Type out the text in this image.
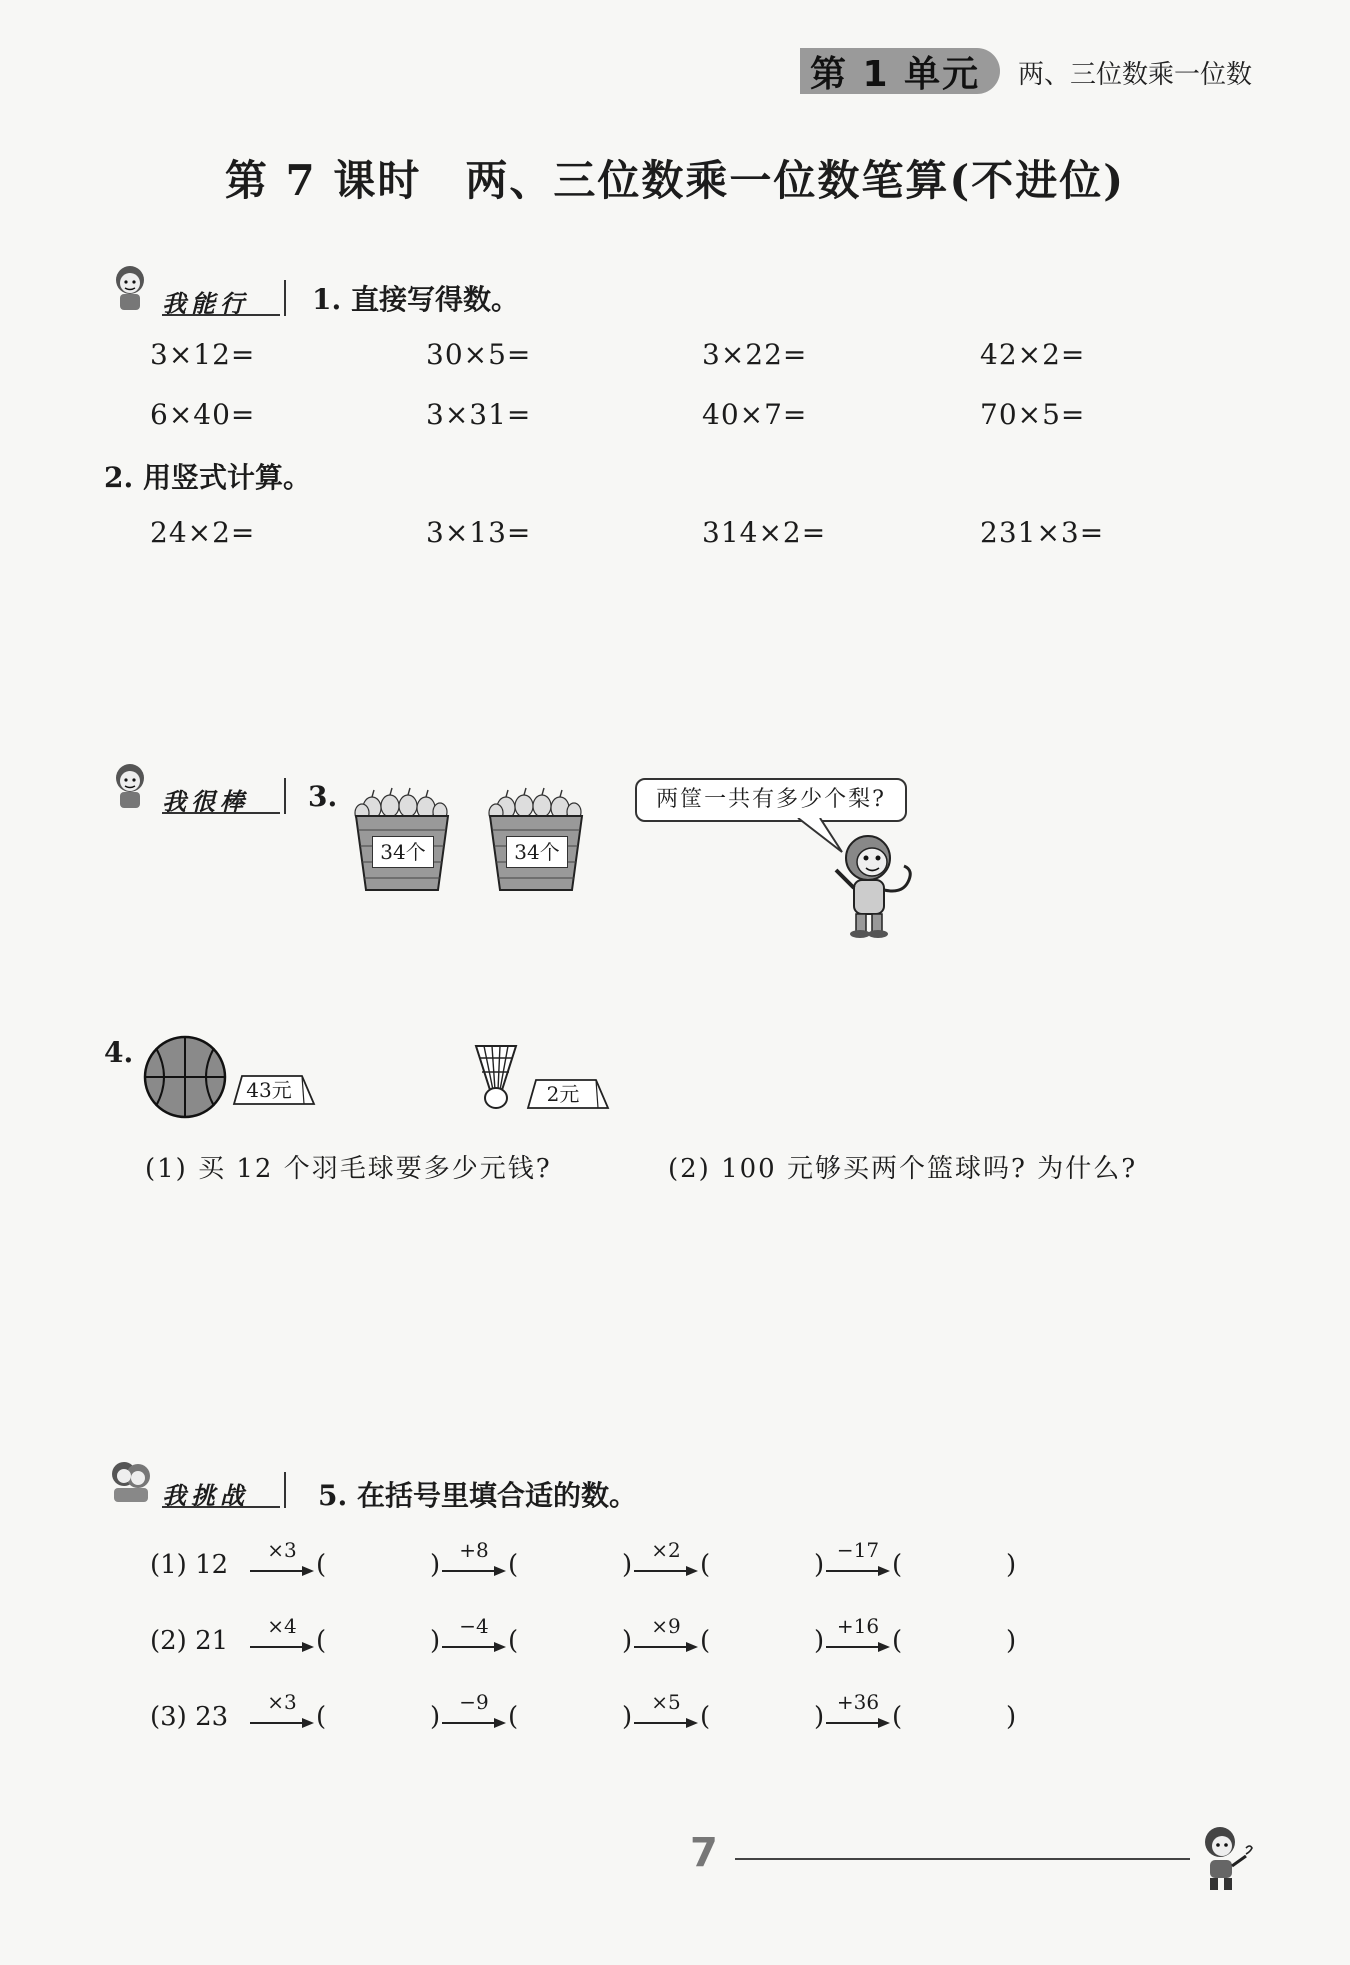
第 1 单元 两、三位数乘一位数
第 7 课时　两、三位数乘一位数笔算(不进位)
我能行 1. 直接写得数。
3×12=	30×5=	3×22=	42×2=
6×40=	3×31=	40×7=	70×5=
2. 用竖式计算。
24×2=	3×13=	314×2=	231×3=
我很棒 3.
34个	34个
两筐一共有多少个梨?
4.
43元	2元
(1) 买 12 个羽毛球要多少元钱?	(2) 100 元够买两个篮球吗? 为什么?
我挑战 5. 在括号里填合适的数。
(1) 12	×3 (	) +8 (	) ×2 (	) −17 (	)
(2) 21	×4 (	) −4 (	) ×9 (	) +16 (	)
(3) 23	×3 (	) −9 (	) ×5 (	) +36 (	)
7
